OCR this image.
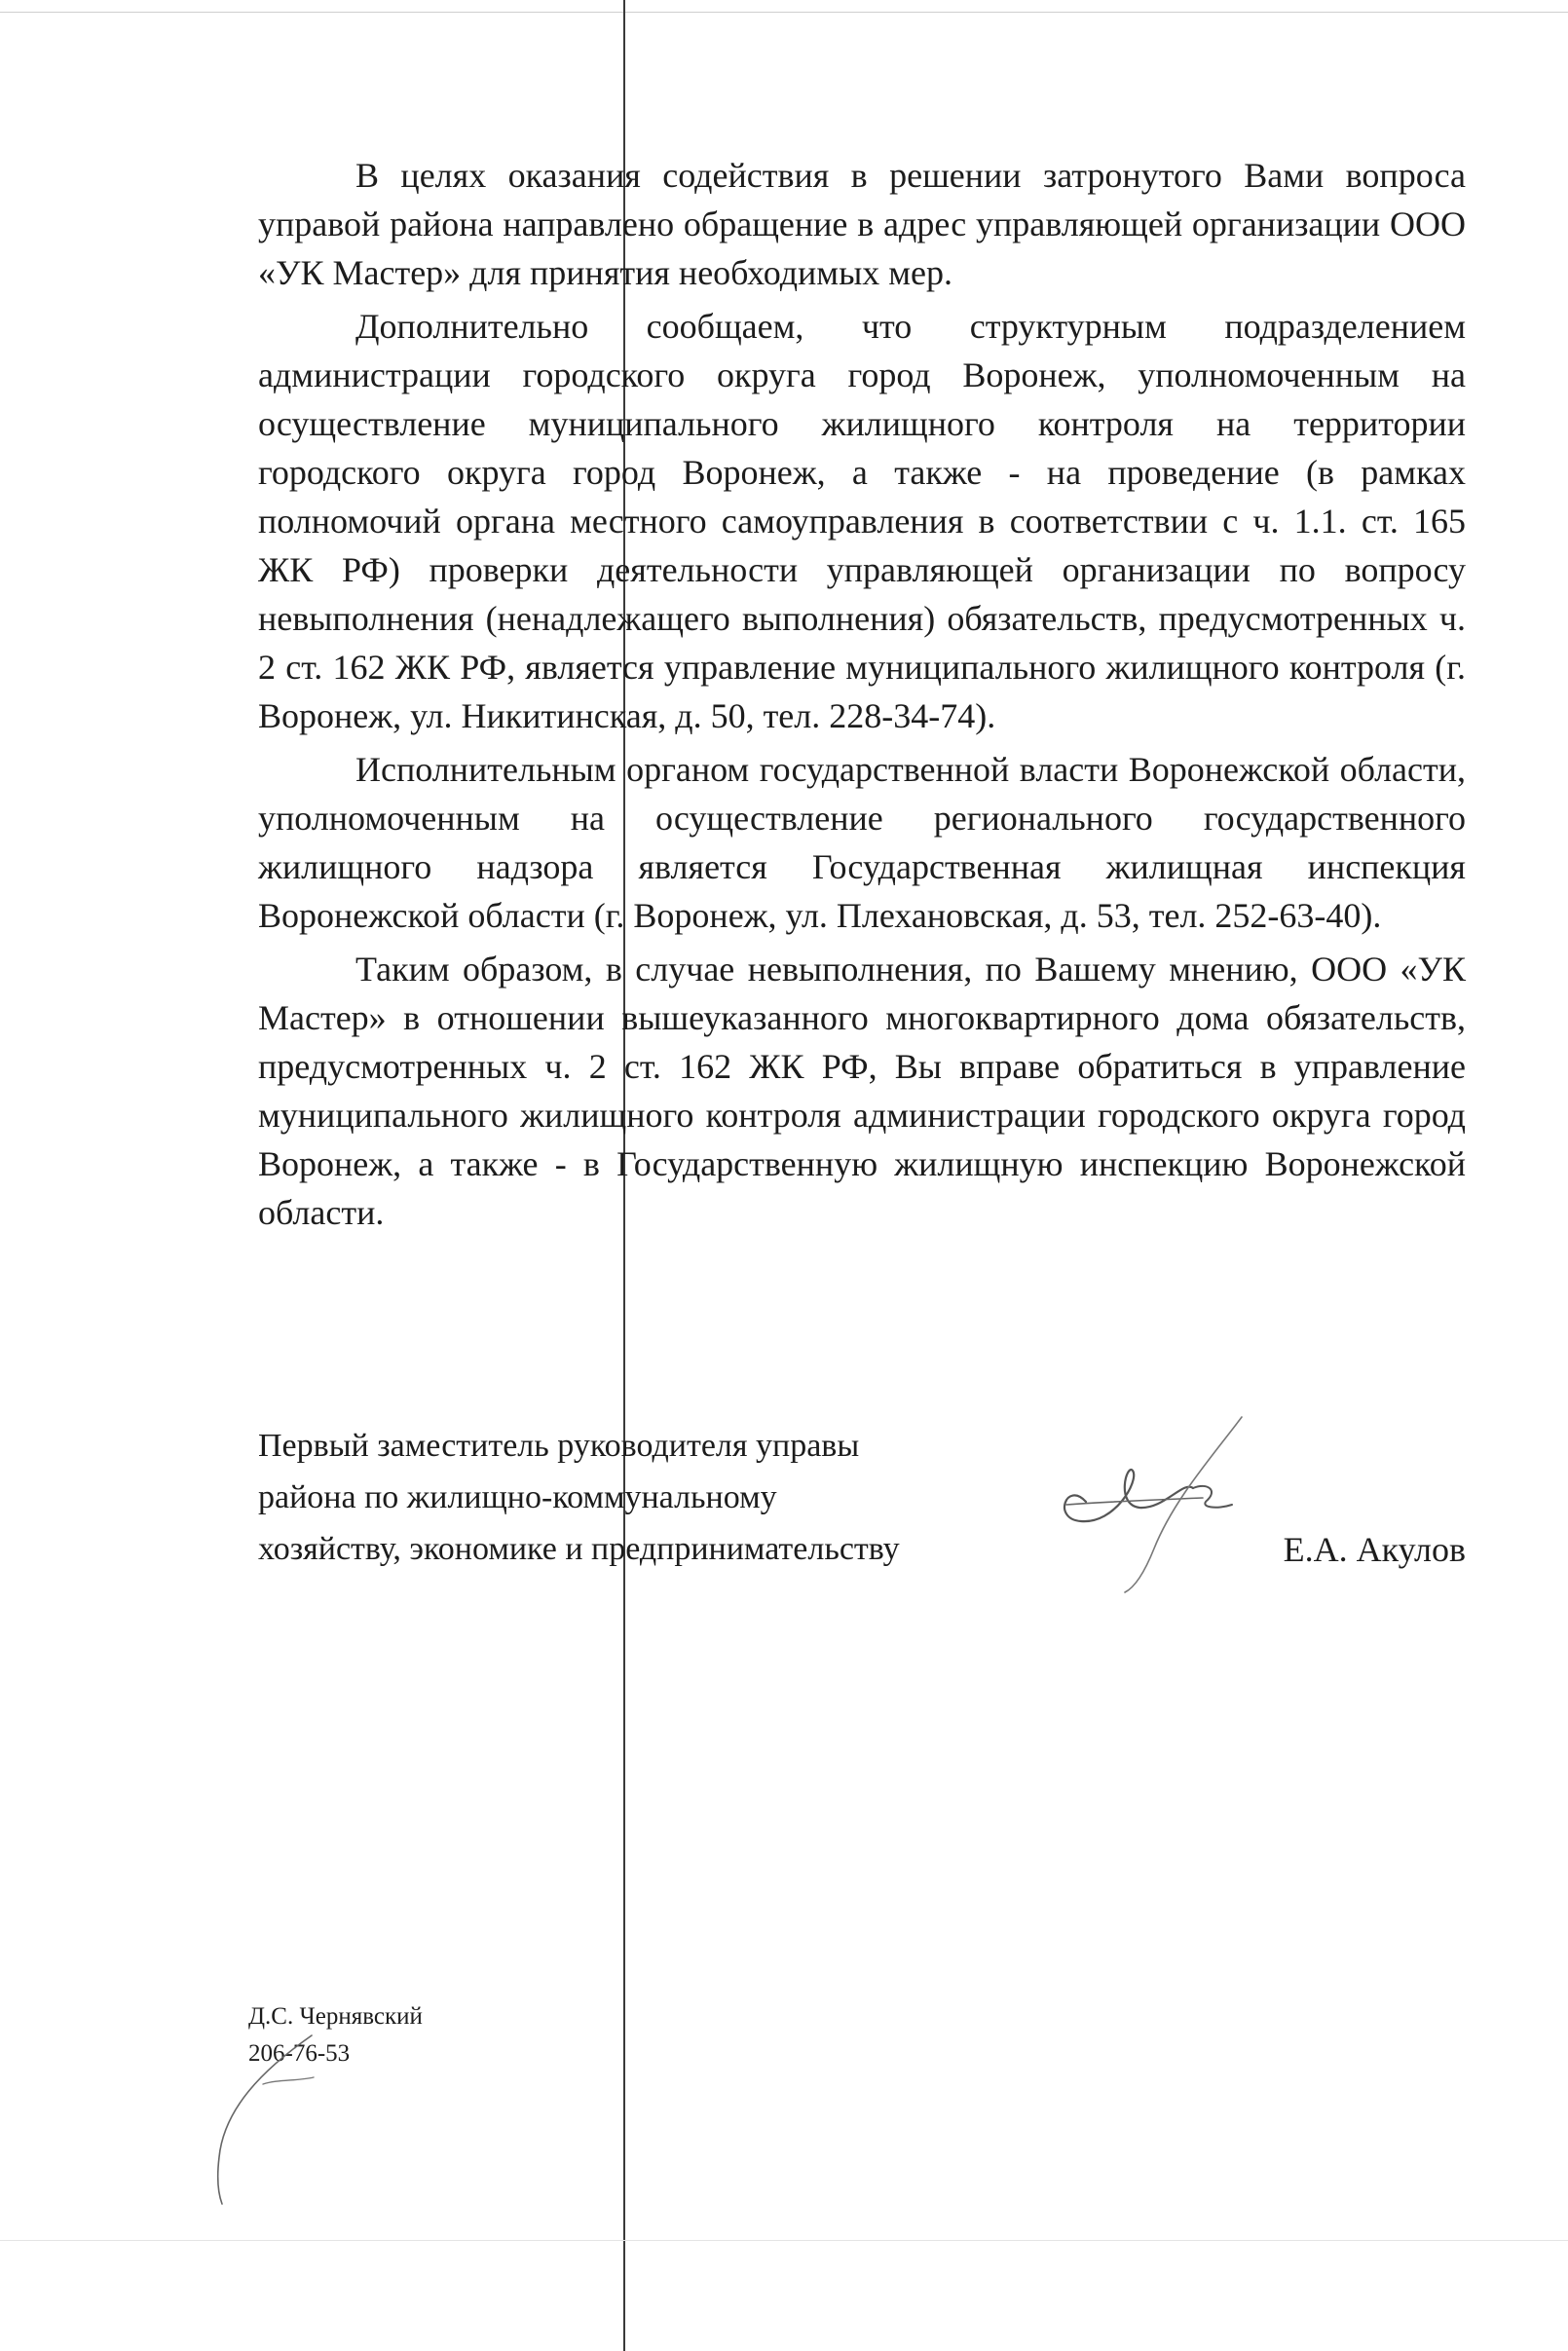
В целях оказания содействия в решении затронутого Вами вопроса управой района направлено обращение в адрес управляющей организации ООО «УК Мастер» для принятия необходимых мер.

Дополнительно сообщаем, что структурным подразделением администрации городского округа город Воронеж, уполномоченным на осуществление муниципального жилищного контроля на территории городского округа город Воронеж, а также - на проведение (в рамках полномочий органа местного самоуправления в соответствии с ч. 1.1. ст. 165 ЖК РФ) проверки деятельности управляющей организации по вопросу невыполнения (ненадлежащего выполнения) обязательств, предусмотренных ч. 2 ст. 162 ЖК РФ, является управление муниципального жилищного контроля (г. Воронеж, ул. Никитинская, д. 50, тел. 228-34-74).

Исполнительным органом государственной власти Воронежской области, уполномоченным на осуществление регионального государственного жилищного надзора является Государственная жилищная инспекция Воронежской области (г. Воронеж, ул. Плехановская, д. 53, тел. 252-63-40).

Таким образом, в случае невыполнения, по Вашему мнению, ООО «УК Мастер» в отношении вышеуказанного многоквартирного дома обязательств, предусмотренных ч. 2 ст. 162 ЖК РФ, Вы вправе обратиться в управление муниципального жилищного контроля администрации городского округа город Воронеж, а также - в Государственную жилищную инспекцию Воронежской области.

Первый заместитель руководителя управы
района по жилищно-коммунальному
хозяйству, экономике и предпринимательству	Е.А. Акулов
Д.С. Чернявский
206-76-53
